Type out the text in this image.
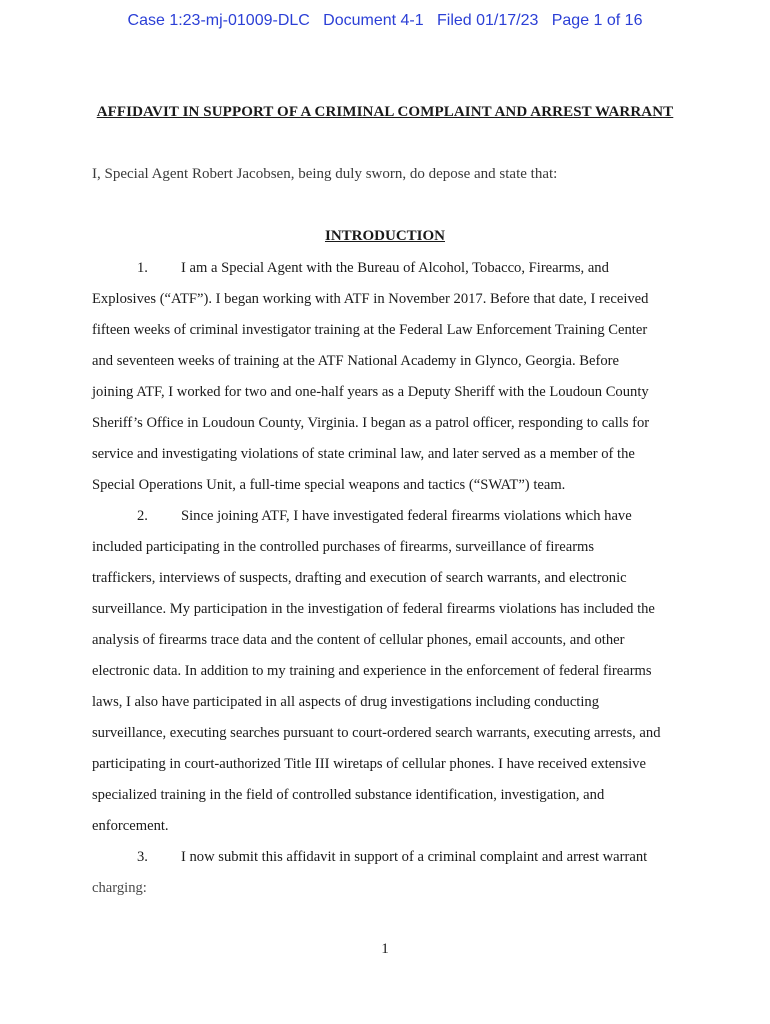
Case 1:23-mj-01009-DLC   Document 4-1   Filed 01/17/23   Page 1 of 16
AFFIDAVIT IN SUPPORT OF A CRIMINAL COMPLAINT AND ARREST WARRANT
I, Special Agent Robert Jacobsen, being duly sworn, do depose and state that:
INTRODUCTION
1. I am a Special Agent with the Bureau of Alcohol, Tobacco, Firearms, and
Explosives (“ATF”). I began working with ATF in November 2017. Before that date, I received
fifteen weeks of criminal investigator training at the Federal Law Enforcement Training Center
and seventeen weeks of training at the ATF National Academy in Glynco, Georgia. Before
joining ATF, I worked for two and one-half years as a Deputy Sheriff with the Loudoun County
Sheriff’s Office in Loudoun County, Virginia. I began as a patrol officer, responding to calls for
service and investigating violations of state criminal law, and later served as a member of the
Special Operations Unit, a full-time special weapons and tactics (“SWAT”) team.
2. Since joining ATF, I have investigated federal firearms violations which have
included participating in the controlled purchases of firearms, surveillance of firearms
traffickers, interviews of suspects, drafting and execution of search warrants, and electronic
surveillance. My participation in the investigation of federal firearms violations has included the
analysis of firearms trace data and the content of cellular phones, email accounts, and other
electronic data. In addition to my training and experience in the enforcement of federal firearms
laws, I also have participated in all aspects of drug investigations including conducting
surveillance, executing searches pursuant to court-ordered search warrants, executing arrests, and
participating in court-authorized Title III wiretaps of cellular phones. I have received extensive
specialized training in the field of controlled substance identification, investigation, and
enforcement.
3. I now submit this affidavit in support of a criminal complaint and arrest warrant
charging:
1
